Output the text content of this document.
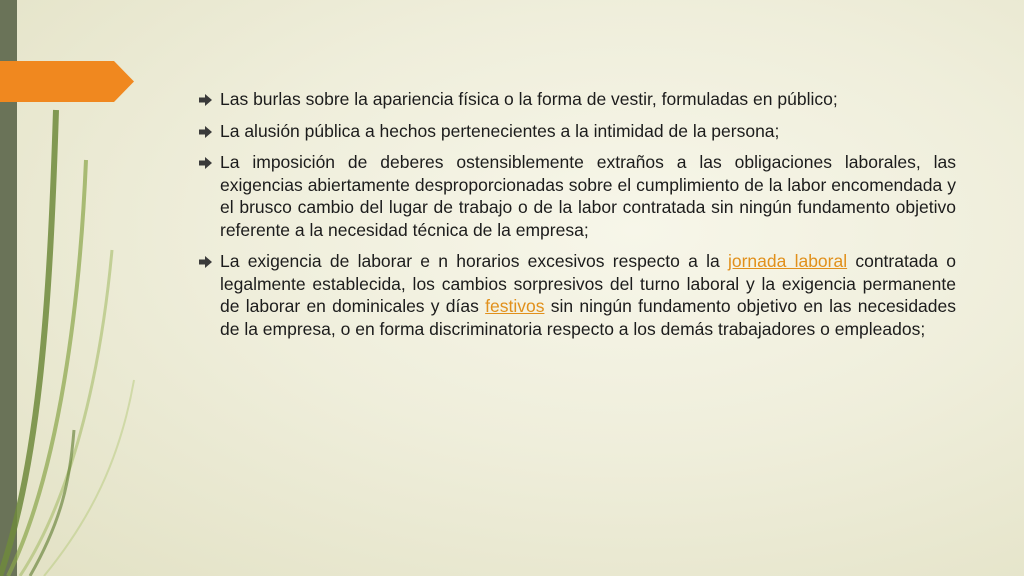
Las burlas sobre la apariencia física o la forma de vestir, formuladas en público;
La alusión pública a hechos pertenecientes a la intimidad de la persona;
La imposición de deberes ostensiblemente extraños a las obligaciones laborales, las exigencias abiertamente desproporcionadas sobre el cumplimiento de la labor encomendada y el brusco cambio del lugar de trabajo o de la labor contratada sin ningún fundamento objetivo referente a la necesidad técnica de la empresa;
La exigencia de laborar e n horarios excesivos respecto a la jornada laboral contratada o legalmente establecida, los cambios sorpresivos del turno laboral y la exigencia permanente de laborar en dominicales y días festivos sin ningún fundamento objetivo en las necesidades de la empresa, o en forma discriminatoria respecto a los demás trabajadores o empleados;
